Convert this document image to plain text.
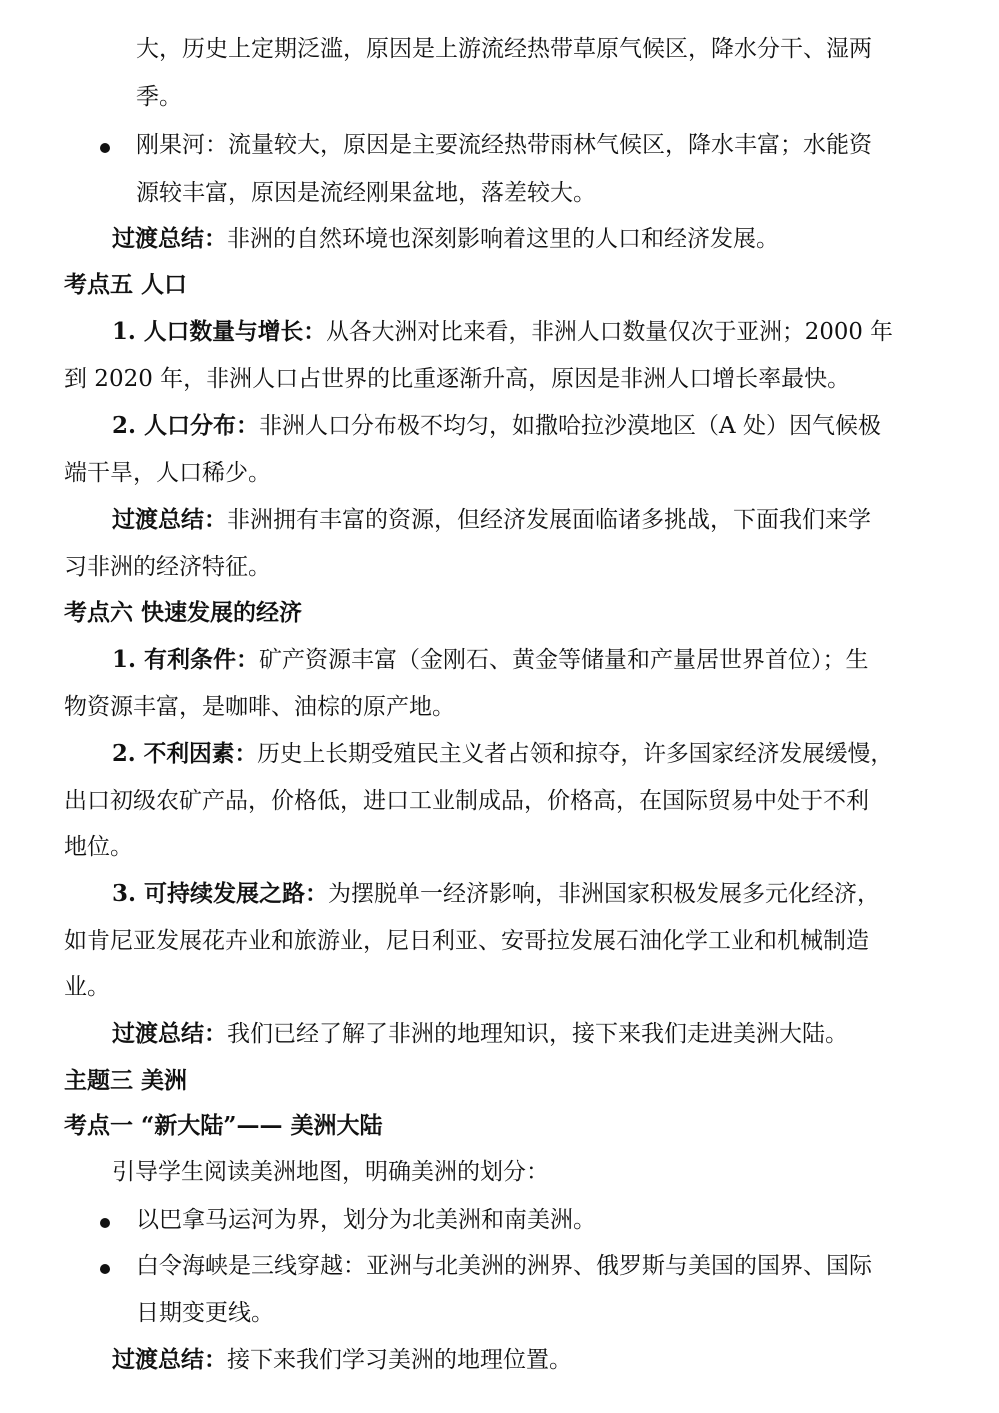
大，历史上定期泛滥，原因是上游流经热带草原气候区，降水分干、湿两
季。
刚果河：流量较大，原因是主要流经热带雨林气候区，降水丰富；水能资
源较丰富，原因是流经刚果盆地，落差较大。
过渡总结：非洲的自然环境也深刻影响着这里的人口和经济发展。
考点五 人口
1. 人口数量与增长：从各大洲对比来看，非洲人口数量仅次于亚洲；2000 年
到 2020 年，非洲人口占世界的比重逐渐升高，原因是非洲人口增长率最快。
2. 人口分布：非洲人口分布极不均匀，如撒哈拉沙漠地区（A 处）因气候极
端干旱，人口稀少。
过渡总结：非洲拥有丰富的资源，但经济发展面临诸多挑战，下面我们来学
习非洲的经济特征。
考点六 快速发展的经济
1. 有利条件：矿产资源丰富（金刚石、黄金等储量和产量居世界首位）；生
物资源丰富，是咖啡、油棕的原产地。
2. 不利因素：历史上长期受殖民主义者占领和掠夺，许多国家经济发展缓慢，
出口初级农矿产品，价格低，进口工业制成品，价格高，在国际贸易中处于不利
地位。
3. 可持续发展之路：为摆脱单一经济影响，非洲国家积极发展多元化经济，
如肯尼亚发展花卉业和旅游业，尼日利亚、安哥拉发展石油化学工业和机械制造
业。
过渡总结：我们已经了解了非洲的地理知识，接下来我们走进美洲大陆。
主题三 美洲
考点一 “新大陆”—— 美洲大陆
引导学生阅读美洲地图，明确美洲的划分：
以巴拿马运河为界，划分为北美洲和南美洲。
白令海峡是三线穿越：亚洲与北美洲的洲界、俄罗斯与美国的国界、国际
日期变更线。
过渡总结：接下来我们学习美洲的地理位置。
